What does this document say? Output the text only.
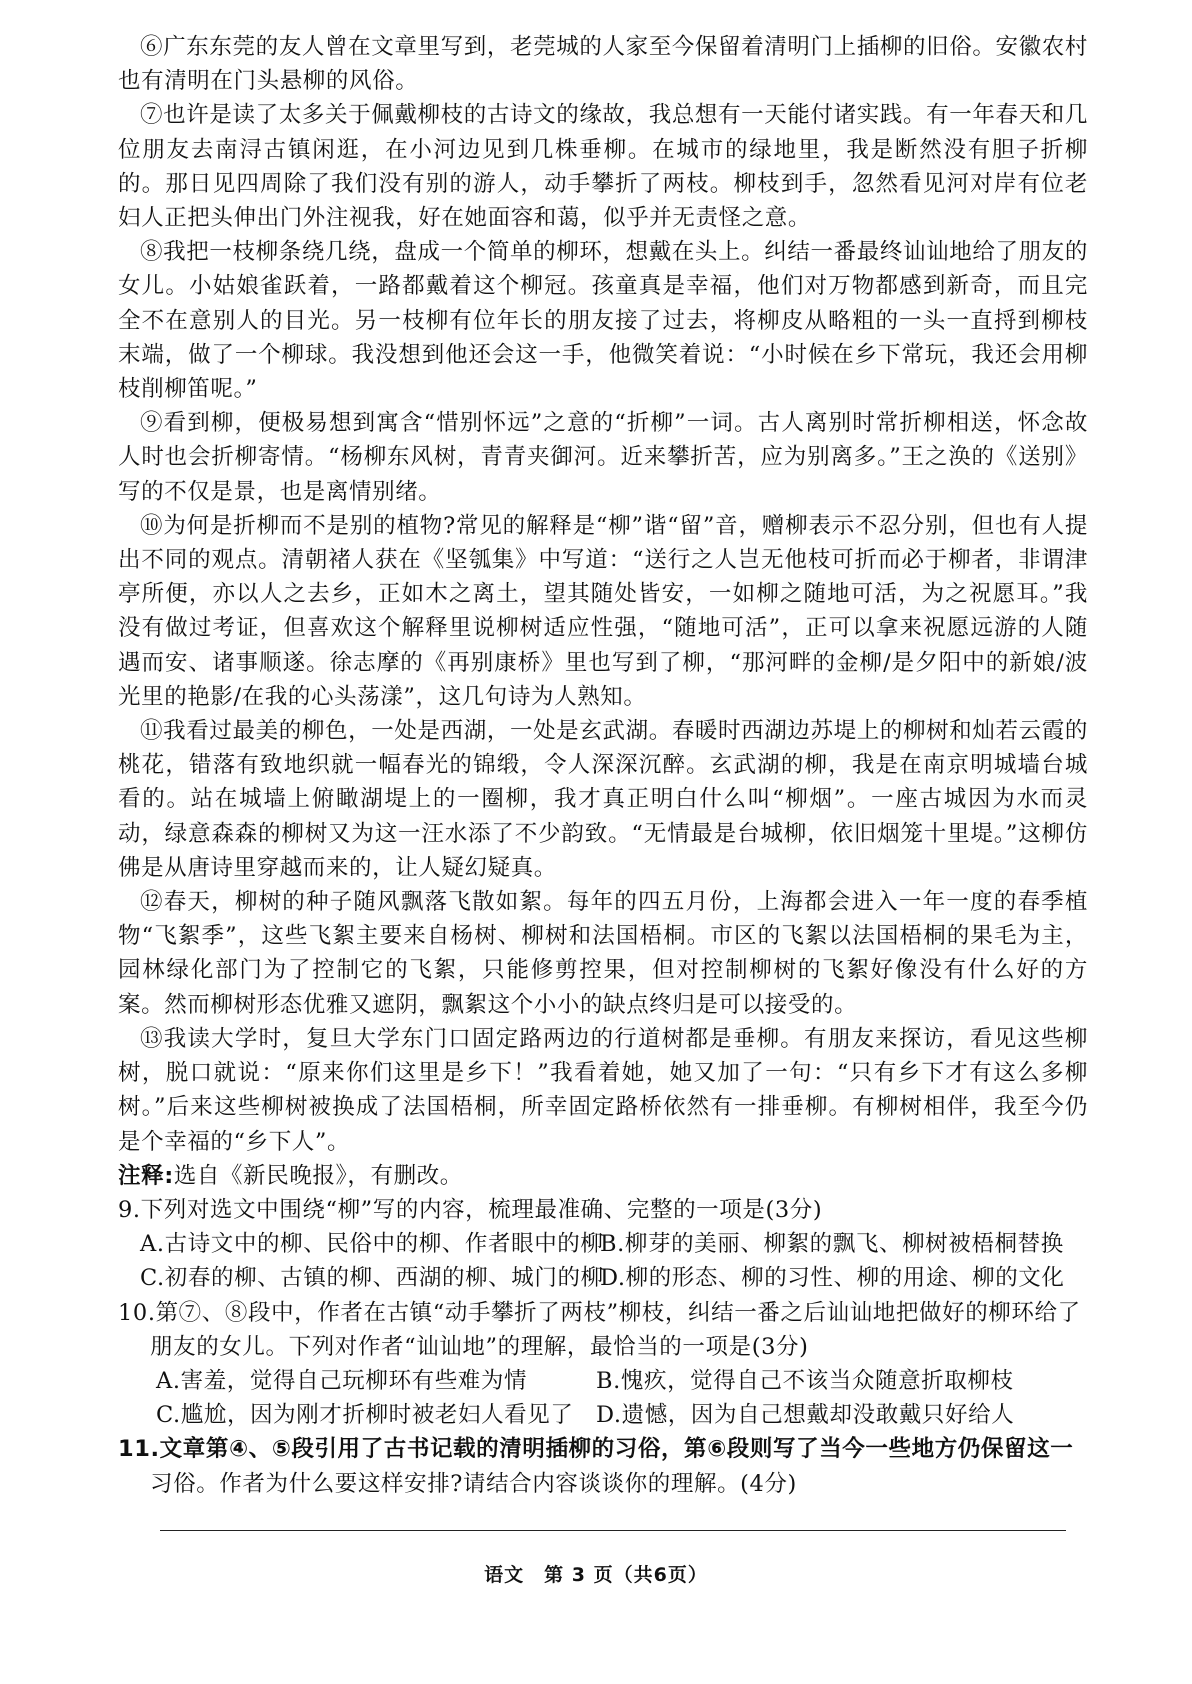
⑥广东东莞的友人曾在文章里写到，老莞城的人家至今保留着清明门上插柳的旧俗。安徽农村也有清明在门头悬柳的风俗。

⑦也许是读了太多关于佩戴柳枝的古诗文的缘故，我总想有一天能付诸实践。有一年春天和几位朋友去南浔古镇闲逛，在小河边见到几株垂柳。在城市的绿地里，我是断然没有胆子折柳的。那日见四周除了我们没有别的游人，动手攀折了两枝。柳枝到手，忽然看见河对岸有位老妇人正把头伸出门外注视我，好在她面容和蔼，似乎并无责怪之意。

⑧我把一枝柳条绕几绕，盘成一个简单的柳环，想戴在头上。纠结一番最终讪讪地给了朋友的女儿。小姑娘雀跃着，一路都戴着这个柳冠。孩童真是幸福，他们对万物都感到新奇，而且完全不在意别人的目光。另一枝柳有位年长的朋友接了过去，将柳皮从略粗的一头一直捋到柳枝末端，做了一个柳球。我没想到他还会这一手，他微笑着说：“小时候在乡下常玩，我还会用柳枝削柳笛呢。”

⑨看到柳，便极易想到寓含“惜别怀远”之意的“折柳”一词。古人离别时常折柳相送，怀念故人时也会折柳寄情。“杨柳东风树，青青夹御河。近来攀折苦，应为别离多。”王之涣的《送别》写的不仅是景，也是离情别绪。

⑩为何是折柳而不是别的植物?常见的解释是“柳”谐“留”音，赠柳表示不忍分别，但也有人提出不同的观点。清朝褚人获在《坚瓠集》中写道：“送行之人岂无他枝可折而必于柳者，非谓津亭所便，亦以人之去乡，正如木之离土，望其随处皆安，一如柳之随地可活，为之祝愿耳。”我没有做过考证，但喜欢这个解释里说柳树适应性强，“随地可活”，正可以拿来祝愿远游的人随遇而安、诸事顺遂。徐志摩的《再别康桥》里也写到了柳，“那河畔的金柳/是夕阳中的新娘/波光里的艳影/在我的心头荡漾”，这几句诗为人熟知。

⑪我看过最美的柳色，一处是西湖，一处是玄武湖。春暖时西湖边苏堤上的柳树和灿若云霞的桃花，错落有致地织就一幅春光的锦缎，令人深深沉醉。玄武湖的柳，我是在南京明城墙台城看的。站在城墙上俯瞰湖堤上的一圈柳，我才真正明白什么叫“柳烟”。一座古城因为水而灵动，绿意森森的柳树又为这一汪水添了不少韵致。“无情最是台城柳，依旧烟笼十里堤。”这柳仿佛是从唐诗里穿越而来的，让人疑幻疑真。

⑫春天，柳树的种子随风飘落飞散如絮。每年的四五月份，上海都会进入一年一度的春季植物“飞絮季”，这些飞絮主要来自杨树、柳树和法国梧桐。市区的飞絮以法国梧桐的果毛为主，园林绿化部门为了控制它的飞絮，只能修剪控果，但对控制柳树的飞絮好像没有什么好的方案。然而柳树形态优雅又遮阴，飘絮这个小小的缺点终归是可以接受的。

⑬我读大学时，复旦大学东门口固定路两边的行道树都是垂柳。有朋友来探访，看见这些柳树，脱口就说：“原来你们这里是乡下！”我看着她，她又加了一句：“只有乡下才有这么多柳树。”后来这些柳树被换成了法国梧桐，所幸固定路桥依然有一排垂柳。有柳树相伴，我至今仍是个幸福的“乡下人”。

注释:选自《新民晚报》，有删改。

9.下列对选文中围绕“柳”写的内容，梳理最准确、完整的一项是(3分)
A.古诗文中的柳、民俗中的柳、作者眼中的柳
B.柳芽的美丽、柳絮的飘飞、柳树被梧桐替换
C.初春的柳、古镇的柳、西湖的柳、城门的柳
D.柳的形态、柳的习性、柳的用途、柳的文化
10.第⑦、⑧段中，作者在古镇“动手攀折了两枝”柳枝，纠结一番之后讪讪地把做好的柳环给了朋友的女儿。下列对作者“讪讪地”的理解，最恰当的一项是(3分)
A.害羞，觉得自己玩柳环有些难为情	B.愧疚，觉得自己不该当众随意折取柳枝
C.尴尬，因为刚才折柳时被老妇人看见了	D.遗憾，因为自己想戴却没敢戴只好给人
11.文章第④、⑤段引用了古书记载的清明插柳的习俗，第⑥段则写了当今一些地方仍保留这一习俗。作者为什么要这样安排?请结合内容谈谈你的理解。(4分)
语文　第 3 页（共6页）
